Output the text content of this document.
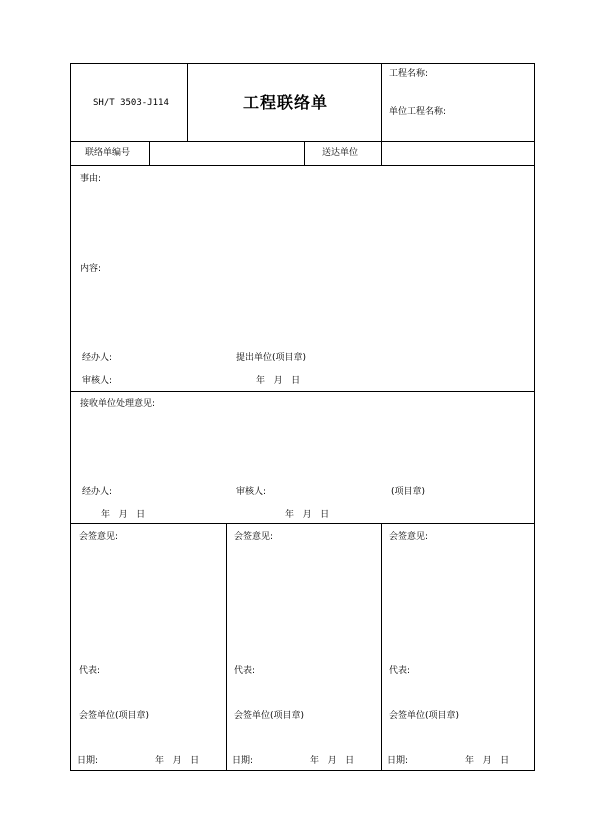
SH/T 3503-J114	工程联络单
工程名称:
单位工程名称:
联络单编号	送达单位
事由:
内容:
经办人:	提出单位(项目章)
审核人:	年   月   日
接收单位处理意见:
经办人:	审核人:	(项目章)
年   月   日	年   月   日
会签意见:
代表:
会签单位(项目章)
日期:	年   月   日
会签意见:
代表:
会签单位(项目章)
日期:	年   月   日
会签意见:
代表:
会签单位(项目章)
日期:	年   月   日
